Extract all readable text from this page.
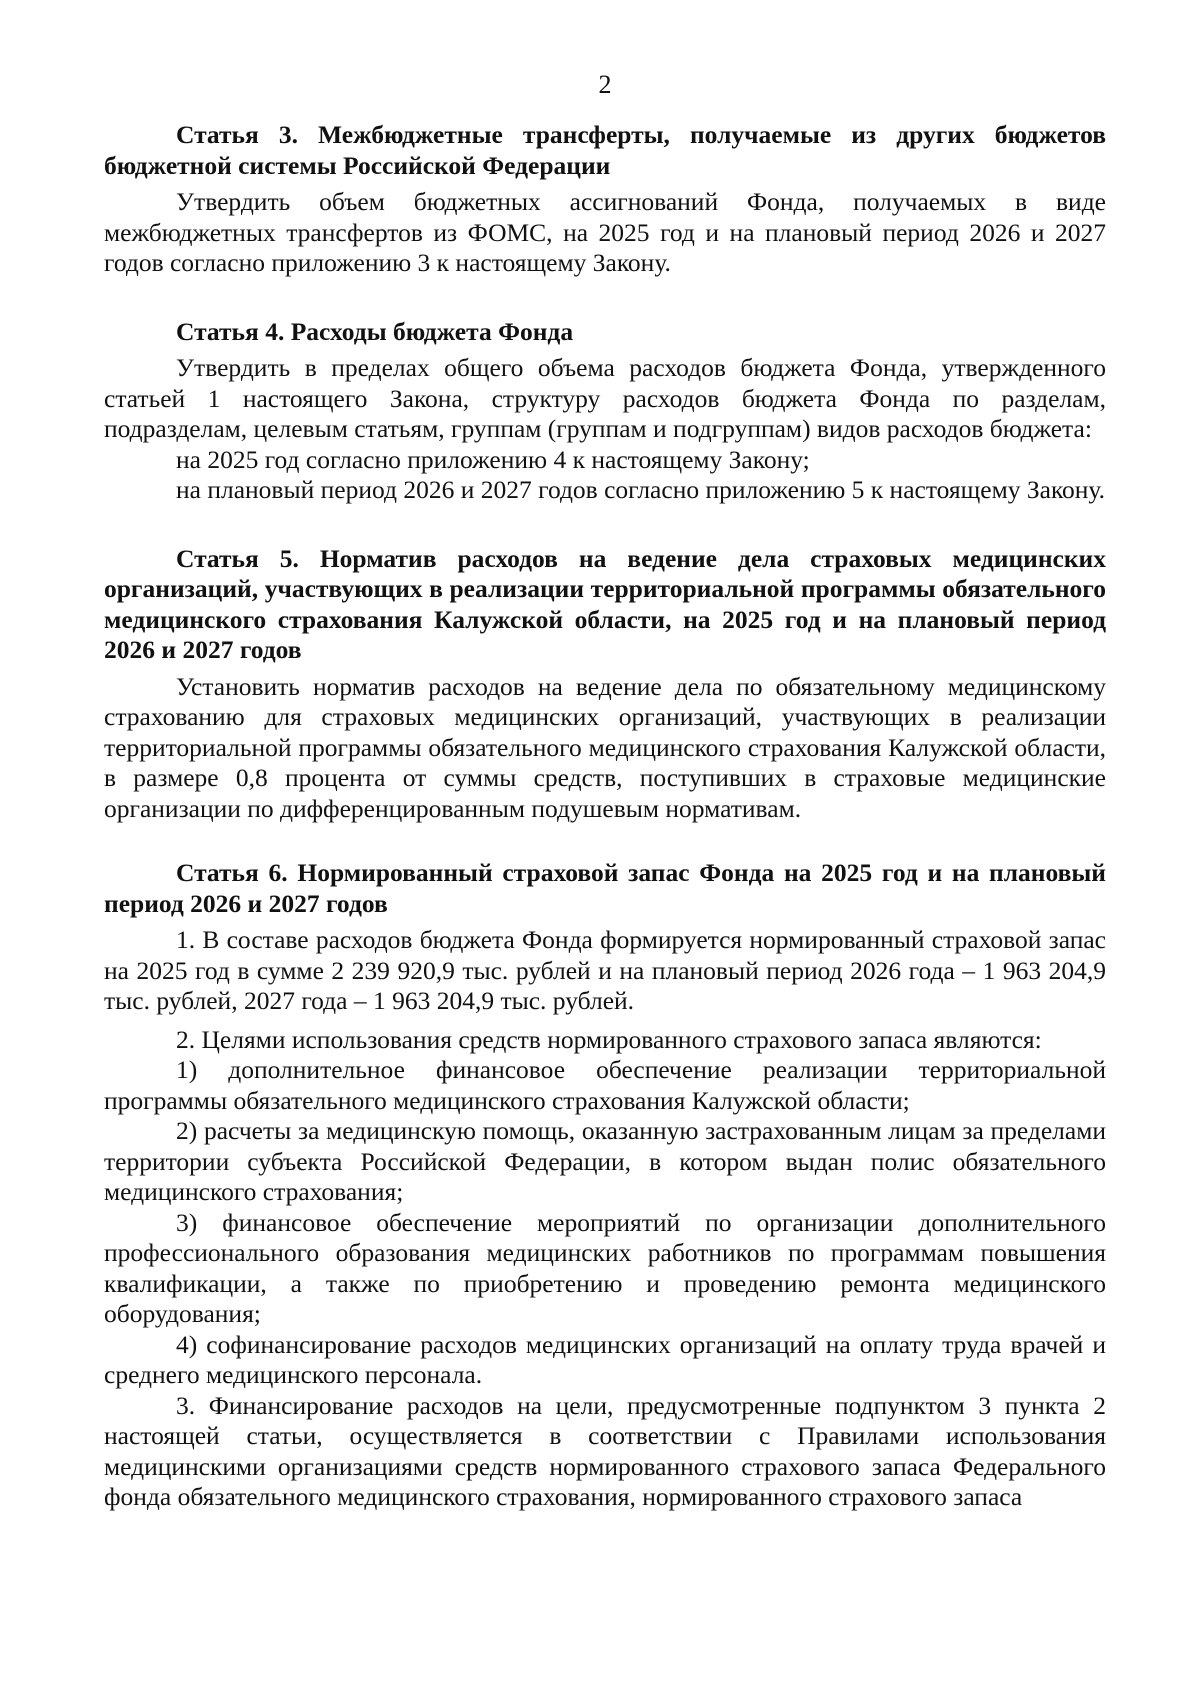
2

Статья 3. Межбюджетные трансферты, получаемые из других бюджетов бюджетной системы Российской Федерации

Утвердить объем бюджетных ассигнований Фонда, получаемых в виде межбюджетных трансфертов из ФОМС, на 2025 год и на плановый период 2026 и 2027 годов согласно приложению 3 к настоящему Закону.

Статья 4. Расходы бюджета Фонда

Утвердить в пределах общего объема расходов бюджета Фонда, утвержденного статьей 1 настоящего Закона, структуру расходов бюджета Фонда по разделам, подразделам, целевым статьям, группам (группам и подгруппам) видов расходов бюджета:

на 2025 год согласно приложению 4 к настоящему Закону;

на плановый период 2026 и 2027 годов согласно приложению 5 к настоящему Закону.

Статья 5. Норматив расходов на ведение дела страховых медицинских организаций, участвующих в реализации территориальной программы обязательного медицинского страхования Калужской области, на 2025 год и на плановый период 2026 и 2027 годов

Установить норматив расходов на ведение дела по обязательному медицинскому страхованию для страховых медицинских организаций, участвующих в реализации территориальной программы обязательного медицинского страхования Калужской области, в размере 0,8 процента от суммы средств, поступивших в страховые медицинские организации по дифференцированным подушевым нормативам.

Статья 6. Нормированный страховой запас Фонда на 2025 год и на плановый период 2026 и 2027 годов

1. В составе расходов бюджета Фонда формируется нормированный страховой запас на 2025 год в сумме 2 239 920,9 тыс. рублей и на плановый период 2026 года – 1 963 204,9 тыс. рублей, 2027 года – 1 963 204,9 тыс. рублей.

2. Целями использования средств нормированного страхового запаса являются:

1) дополнительное финансовое обеспечение реализации территориальной программы обязательного медицинского страхования Калужской области;

2) расчеты за медицинскую помощь, оказанную застрахованным лицам за пределами территории субъекта Российской Федерации, в котором выдан полис обязательного медицинского страхования;

3) финансовое обеспечение мероприятий по организации дополнительного профессионального образования медицинских работников по программам повышения квалификации, а также по приобретению и проведению ремонта медицинского оборудования;

4) софинансирование расходов медицинских организаций на оплату труда врачей и среднего медицинского персонала.

3. Финансирование расходов на цели, предусмотренные подпунктом 3 пункта 2 настоящей статьи, осуществляется в соответствии с Правилами использования медицинскими организациями средств нормированного страхового запаса Федерального фонда обязательного медицинского страхования, нормированного страхового запаса
